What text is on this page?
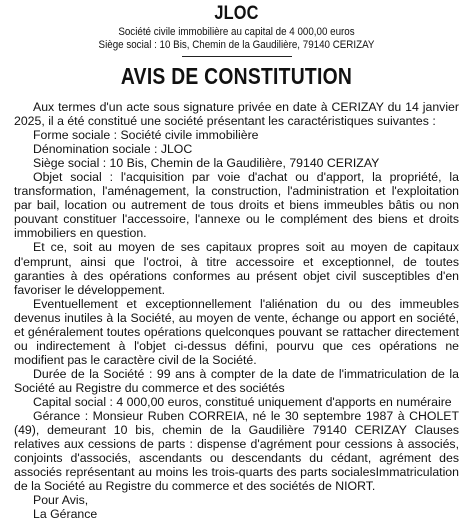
JLOC
Société civile immobilière au capital de 4 000,00 euros
Siège social : 10 Bis, Chemin de la Gaudilière, 79140 CERIZAY
AVIS DE CONSTITUTION

Aux termes d'un acte sous signature privée en date à CERIZAY du 14 janvier 2025, il a été constitué une société présentant les caractéristiques suivantes :

Forme sociale : Société civile immobilière

Dénomination sociale : JLOC

Siège social : 10 Bis, Chemin de la Gaudilière, 79140 CERIZAY

Objet social : l'acquisition par voie d'achat ou d'apport, la propriété, la transformation, l'aménagement, la construction, l'administration et l'exploitation par bail, location ou autrement de tous droits et biens immeubles bâtis ou non pouvant constituer l'accessoire, l'annexe ou le complément des biens et droits immobiliers en question.

Et ce, soit au moyen de ses capitaux propres soit au moyen de capitaux d'emprunt, ainsi que l'octroi, à titre accessoire et exceptionnel, de toutes garanties à des opérations conformes au présent objet civil susceptibles d'en favoriser le développement.

Eventuellement et exceptionnellement l'aliénation du ou des immeubles devenus inutiles à la Société, au moyen de vente, échange ou apport en société, et généralement toutes opérations quelconques pouvant se rattacher directement ou indirectement à l'objet ci-dessus défini, pourvu que ces opérations ne modifient pas le caractère civil de la Société.

Durée de la Société : 99 ans à compter de la date de l'immatriculation de la Société au Registre du commerce et des sociétés

Capital social : 4 000,00 euros, constitué uniquement d'apports en numéraire

Gérance : Monsieur Ruben CORREIA, né le 30 septembre 1987 à CHOLET (49), demeurant 10 bis, chemin de la Gaudilière 79140 CERIZAY Clauses relatives aux cessions de parts : dispense d'agrément pour cessions à associés, conjoints d'associés, ascendants ou descendants du cédant, agrément des associés représentant au moins les trois-quarts des parts socialesImmatriculation de la Société au Registre du commerce et des sociétés de NIORT.

Pour Avis,

La Gérance
